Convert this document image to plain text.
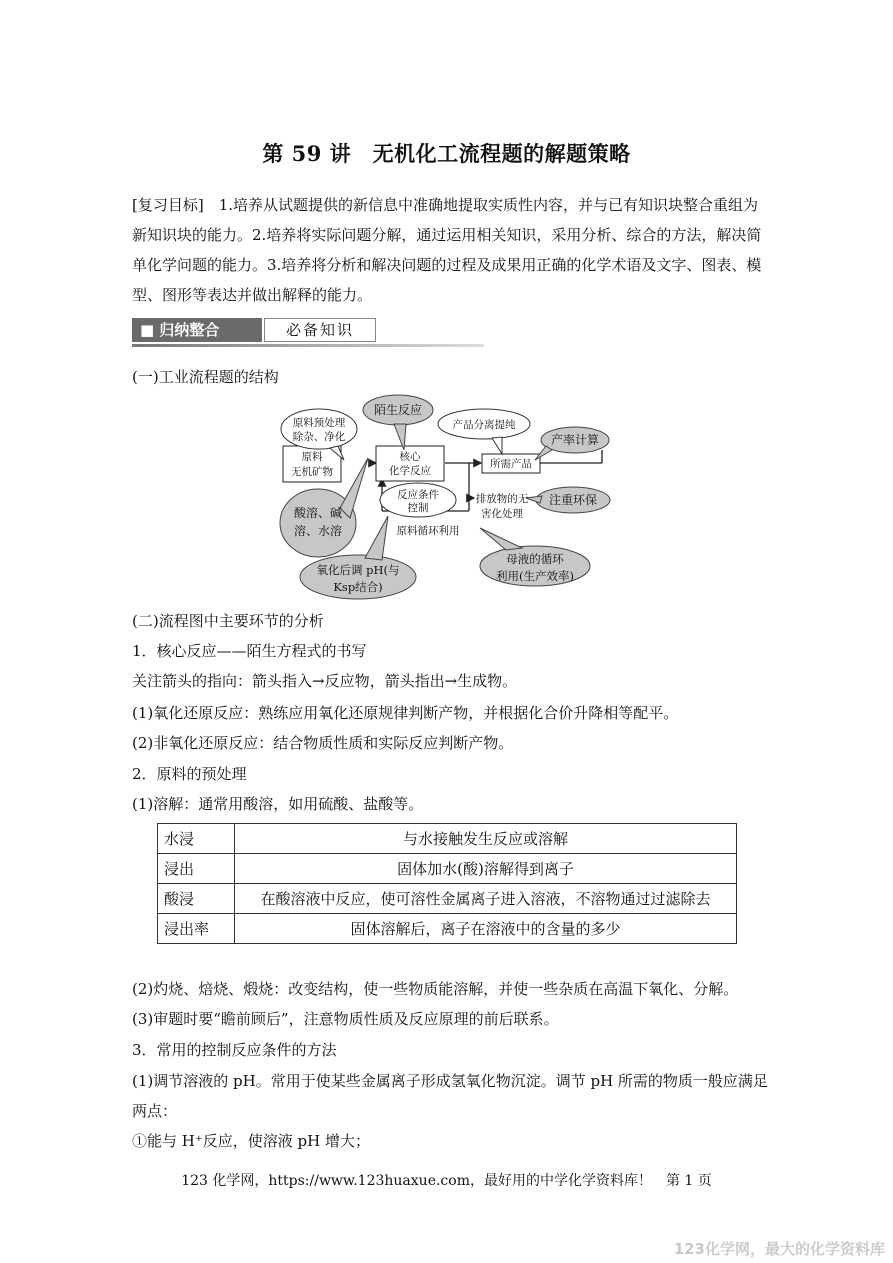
第 59 讲　无机化工流程题的解题策略
[复习目标]　1.培养从试题提供的新信息中准确地提取实质性内容，并与已有知识块整合重组为新知识块的能力。2.培养将实际问题分解，通过运用相关知识，采用分析、综合的方法，解决简单化学问题的能力。3.培养将分析和解决问题的过程及成果用正确的化学术语及文字、图表、模型、图形等表达并做出解释的能力。
■ 归纳整合	必备知识
(一)工业流程题的结构
原料预处理
除杂、净化
陌生反应
产品分离提纯
产率计算
原料
无机矿物
核心
化学反应
所需产品
反应条件
控制
排放物的无
害化处理
注重环保
酸溶、碱
溶、水溶	原料循环利用
氧化后调 pH(与
Ksp结合)
母液的循环
利用(生产效率)
(二)流程图中主要环节的分析
1．核心反应——陌生方程式的书写
关注箭头的指向：箭头指入→反应物，箭头指出→生成物。
(1)氧化还原反应：熟练应用氧化还原规律判断产物，并根据化合价升降相等配平。
(2)非氧化还原反应：结合物质性质和实际反应判断产物。
2．原料的预处理
(1)溶解：通常用酸溶，如用硫酸、盐酸等。
水浸	与水接触发生反应或溶解
浸出	固体加水(酸)溶解得到离子
酸浸	在酸溶液中反应，使可溶性金属离子进入溶液，不溶物通过过滤除去
浸出率	固体溶解后，离子在溶液中的含量的多少
(2)灼烧、焙烧、煅烧：改变结构，使一些物质能溶解，并使一些杂质在高温下氧化、分解。
(3)审题时要“瞻前顾后”，注意物质性质及反应原理的前后联系。
3．常用的控制反应条件的方法
(1)调节溶液的 pH。常用于使某些金属离子形成氢氧化物沉淀。调节 pH 所需的物质一般应满足两点：
①能与 H⁺反应，使溶液 pH 增大；
123 化学网，https://www.123huaxue.com，最好用的中学化学资料库！　第 1 页
123化学网，最大的化学资料库
